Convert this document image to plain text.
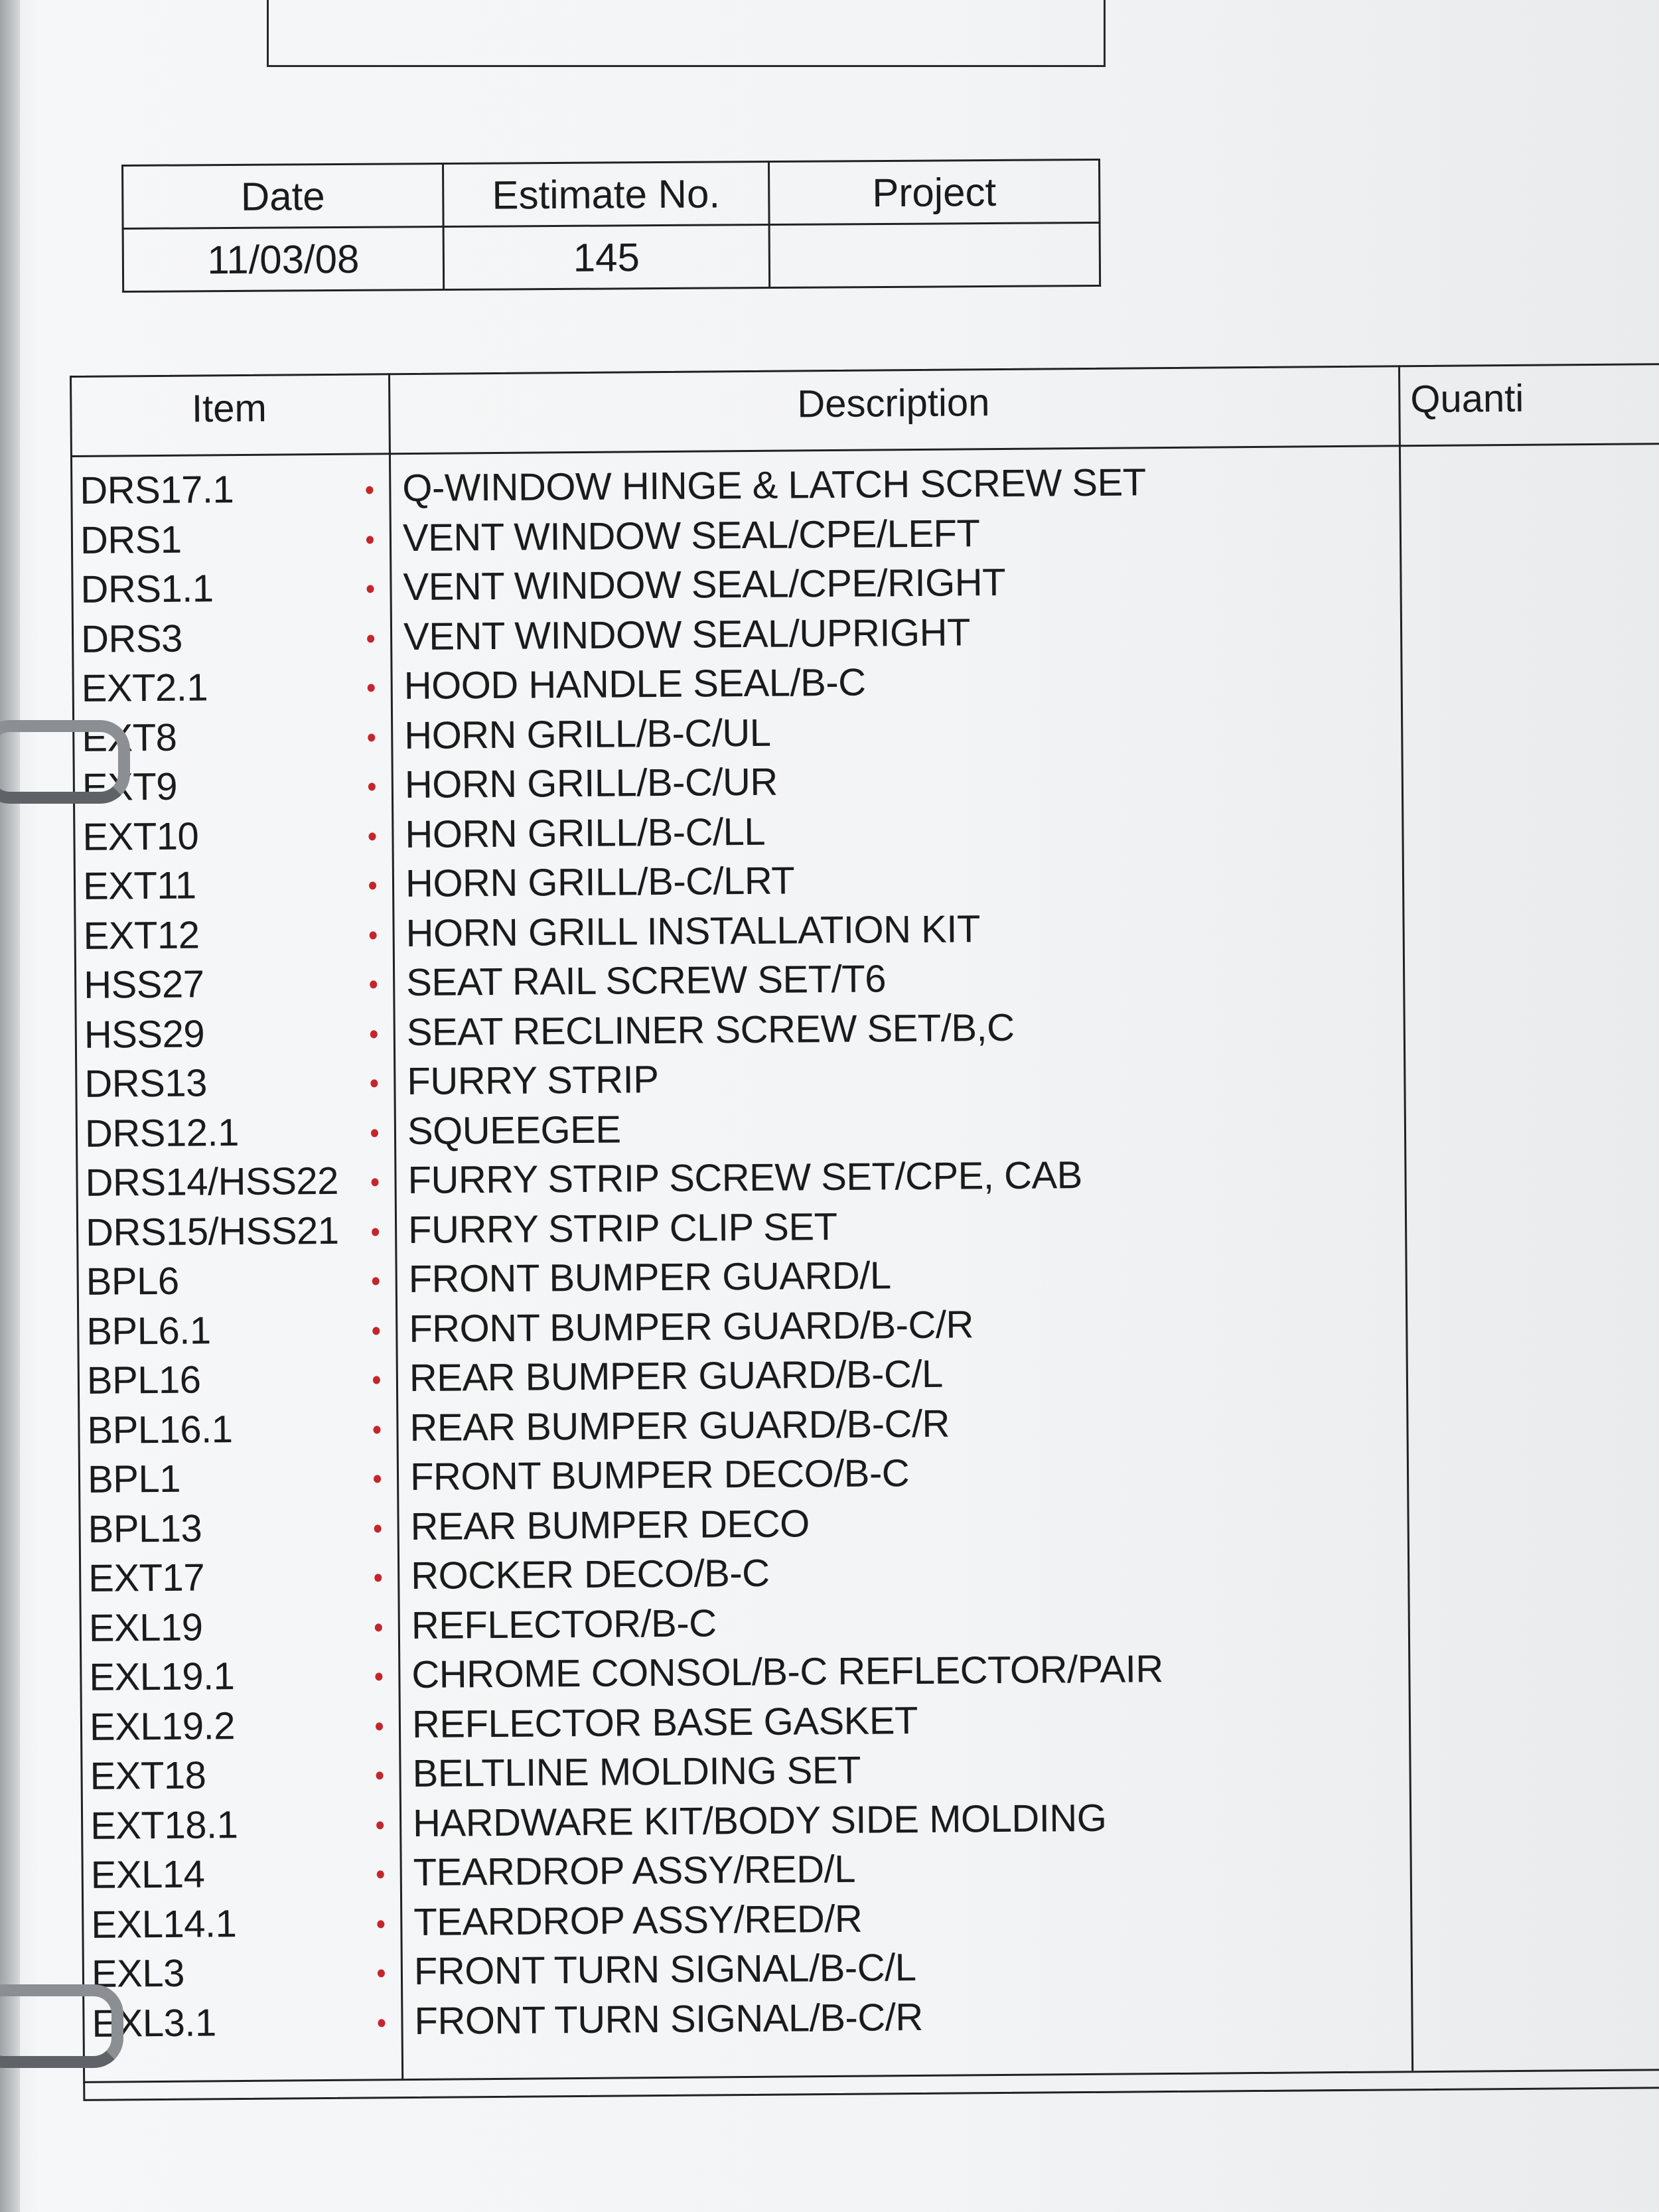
Date	Estimate No.	Project
11/03/08	145	
Item	Description	Quanti
DRS17.1	Q-WINDOW HINGE & LATCH SCREW SET
DRS1	VENT WINDOW SEAL/CPE/LEFT
DRS1.1	VENT WINDOW SEAL/CPE/RIGHT
DRS3	VENT WINDOW SEAL/UPRIGHT
EXT2.1	HOOD HANDLE SEAL/B-C
EXT8	HORN GRILL/B-C/UL
EXT9	HORN GRILL/B-C/UR
EXT10	HORN GRILL/B-C/LL
EXT11	HORN GRILL/B-C/LRT
EXT12	HORN GRILL INSTALLATION KIT
HSS27	SEAT RAIL SCREW SET/T6
HSS29	SEAT RECLINER SCREW SET/B,C
DRS13	FURRY STRIP
DRS12.1	SQUEEGEE
DRS14/HSS22 FURRY STRIP SCREW SET/CPE, CAB
DRS15/HSS21 FURRY STRIP CLIP SET
BPL6	FRONT BUMPER GUARD/L
BPL6.1	FRONT BUMPER GUARD/B-C/R
BPL16	REAR BUMPER GUARD/B-C/L
BPL16.1	REAR BUMPER GUARD/B-C/R
BPL1	FRONT BUMPER DECO/B-C
BPL13	REAR BUMPER DECO
EXT17	ROCKER DECO/B-C
EXL19	REFLECTOR/B-C
EXL19.1	CHROME CONSOL/B-C REFLECTOR/PAIR
EXL19.2	REFLECTOR BASE GASKET
EXT18	BELTLINE MOLDING SET
EXT18.1	HARDWARE KIT/BODY SIDE MOLDING
EXL14	TEARDROP ASSY/RED/L
EXL14.1	TEARDROP ASSY/RED/R
EXL3	FRONT TURN SIGNAL/B-C/L
EXL3.1	FRONT TURN SIGNAL/B-C/R
